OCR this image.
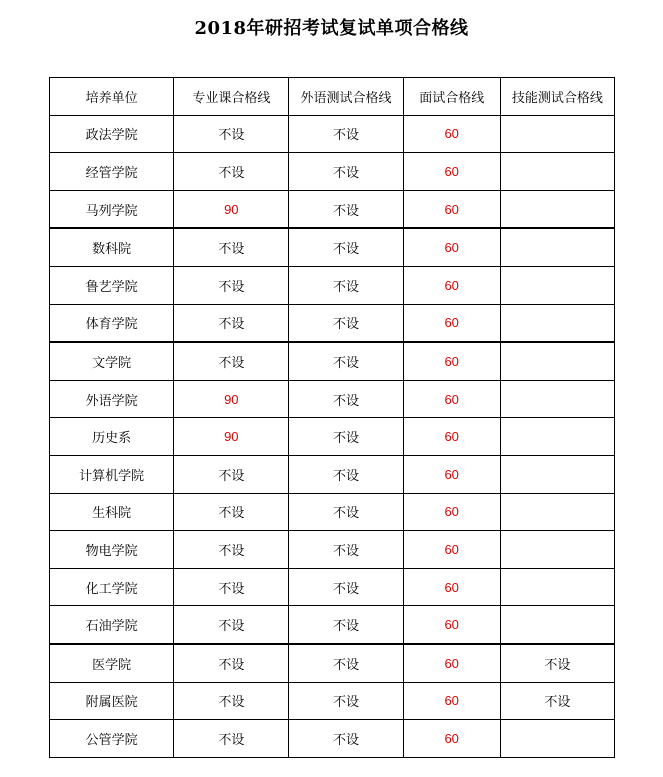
2018年研招考试复试单项合格线
培养单位	专业课合格线	外语测试合格线	面试合格线	技能测试合格线
政法学院	不设	不设	60	
经管学院	不设	不设	60	
马列学院	90	不设	60	
数科院	不设	不设	60	
鲁艺学院	不设	不设	60	
体育学院	不设	不设	60	
文学院	不设	不设	60	
外语学院	90	不设	60	
历史系	90	不设	60	
计算机学院	不设	不设	60	
生科院	不设	不设	60	
物电学院	不设	不设	60	
化工学院	不设	不设	60	
石油学院	不设	不设	60	
医学院	不设	不设	60	不设
附属医院	不设	不设	60	不设
公管学院	不设	不设	60	
